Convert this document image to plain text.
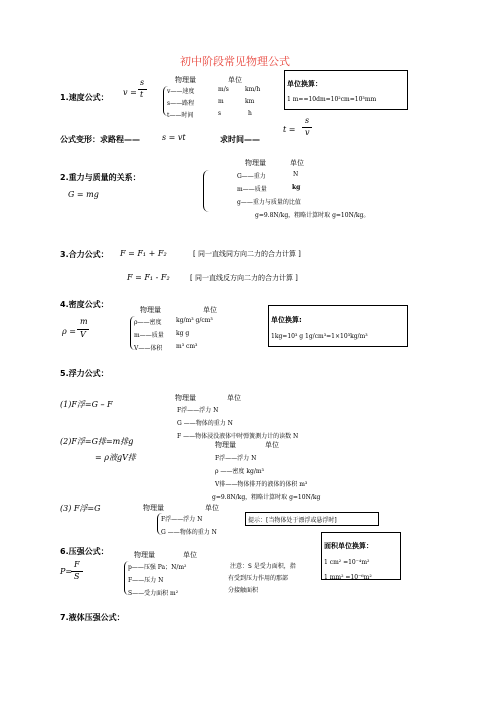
初中阶段常见物理公式
1.速度公式：
v =
s
t
物理量	单位
v——速度	m/s	km/h
s——路程	m	km
t——时间	s	h
单位换算：
1 m==10dm=10²cm=10³mm
公式变形：求路程——	s = vt	求时间——
t =
s
v
2.重力与质量的关系：
G = mg
物理量	单位
G——重力	N
m——质量	kg
g——重力与质量的比值
g=9.8N/kg，粗略计算时取 g=10N/kg。
3.合力公式： F = F₁ + F₂	[ 同一直线同方向二力的合力计算 ]
F = F₁ - F₂	[ 同一直线反方向二力的合力计算 ]
4.密度公式：
ρ =
m
V
物理量	单位
ρ——密度 kg/m³ g/cm³
m——质量 kg g
V——体积 m³ cm³
单位换算:
1kg=10³ g 1g/cm³=1×10³kg/m³
5.浮力公式：
(1)F浮=G – F
物理量	单位
F浮——浮力 N
G ——物体的重力 N
F ——物体浸没液体中时弹簧测力计的读数 N
(2)F浮=G排=m排g
= ρ液gV排
物理量	单位
F浮——浮力 N
ρ ——密度 kg/m³
V排——物体排开的液体的体积 m³
g=9.8N/kg，粗略计算时取 g=10N/kg
(3) F浮=G	物理量	单位
F浮——浮力 N
G ——物体的重力 N
提示：[当物体处于漂浮或悬浮时]
6.压强公式：
P=
F
S
物理量	单位
p——压强 Pa；N/m²
F——压力 N
S——受力面积 m²
注意：S 是受力面积，指
有受到压力作用的那部
分接触面积
面积单位换算：
1 cm² =10⁻⁴m²
1 mm² =10⁻⁶m²
7.液体压强公式：
